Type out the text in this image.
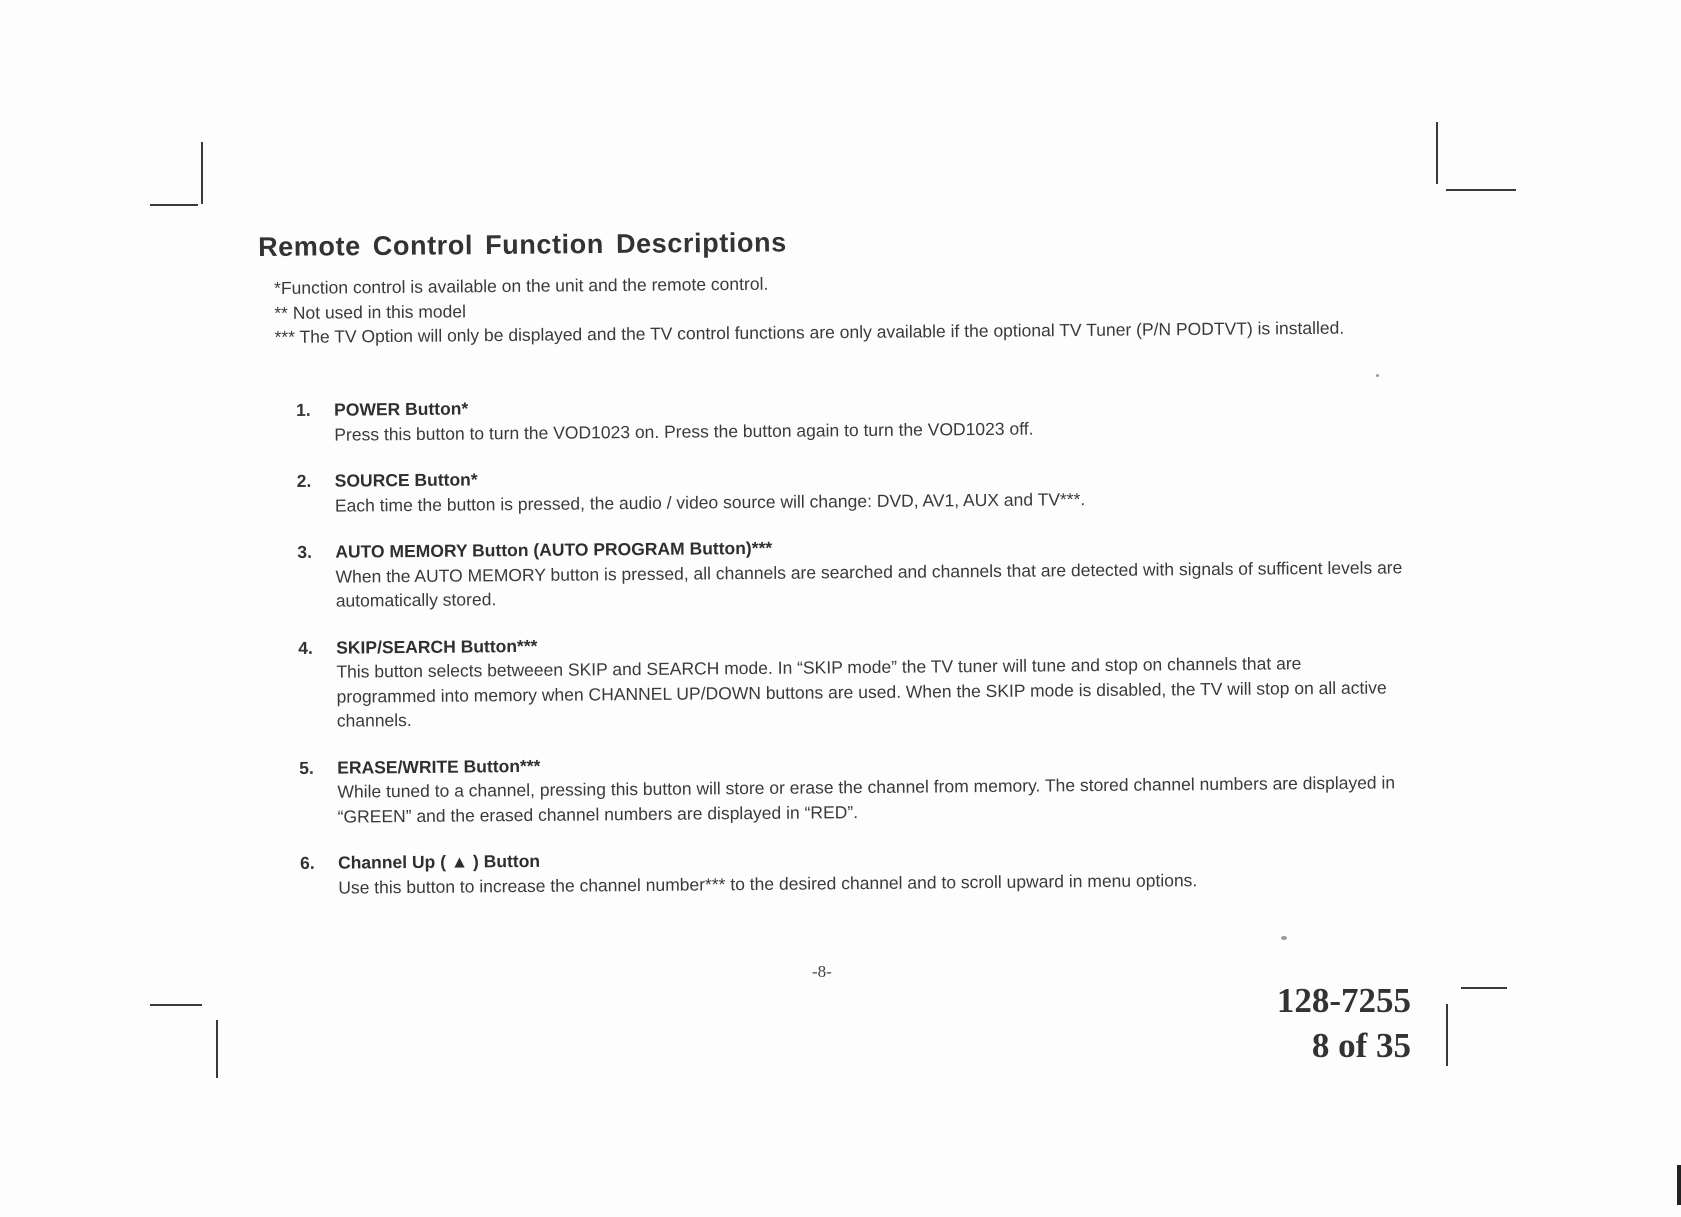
Remote Control Function Descriptions

*Function control is available on the unit and the remote control.

** Not used in this model

*** The TV Option will only be displayed and the TV control functions are only available if the optional TV Tuner (P/N PODTVT) is installed.

1.	POWER Button*

Press this button to turn the VOD1023 on. Press the button again to turn the VOD1023 off.

2.	SOURCE Button*

Each time the button is pressed, the audio / video source will change: DVD, AV1, AUX and TV***.

3.	AUTO MEMORY Button (AUTO PROGRAM Button)***

When the AUTO MEMORY button is pressed, all channels are searched and channels that are detected with signals of sufficent levels are automatically stored.

4.	SKIP/SEARCH Button***

This button selects betweeen SKIP and SEARCH mode. In “SKIP mode” the TV tuner will tune and stop on channels that are programmed into memory when CHANNEL UP/DOWN buttons are used. When the SKIP mode is disabled, the TV will stop on all active channels.

5.	ERASE/WRITE Button***

While tuned to a channel, pressing this button will store or erase the channel from memory. The stored channel numbers are displayed in “GREEN” and the erased channel numbers are displayed in “RED”.

6.	Channel Up ( ▲ ) Button

Use this button to increase the channel number*** to the desired channel and to scroll upward in menu options.

-8-
128-7255
8 of 35
